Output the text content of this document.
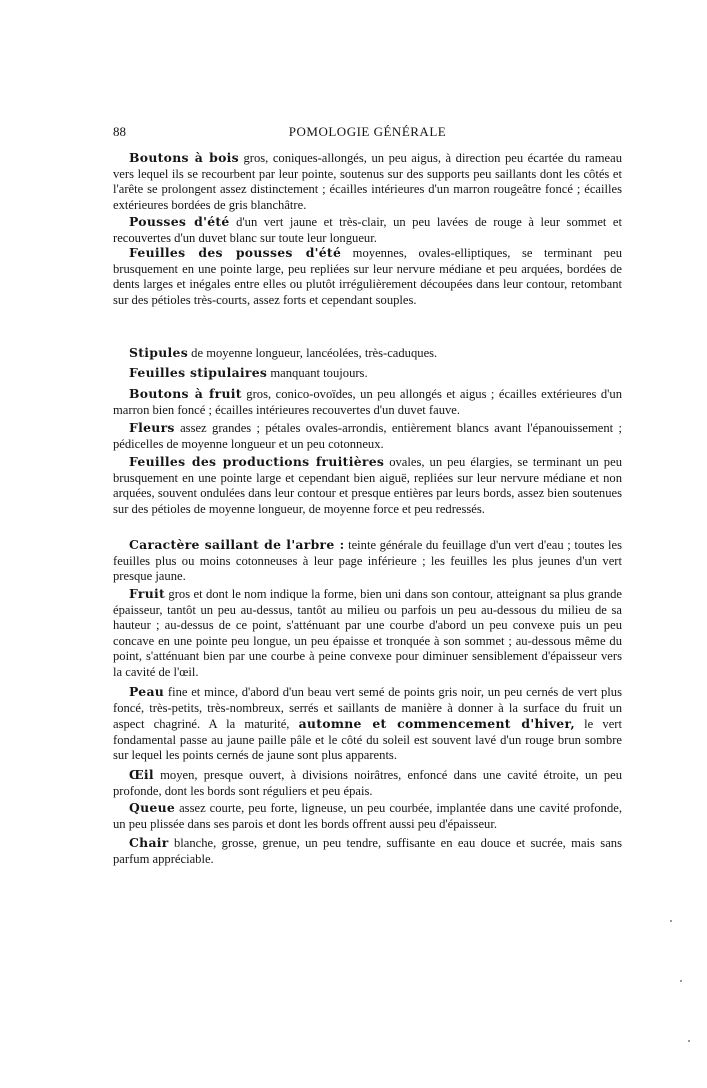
88	POMOLOGIE GÉNÉRALE
Boutons à bois gros, coniques-allongés, un peu aigus, à direction peu écartée du rameau vers lequel ils se recourbent par leur pointe, soutenus sur des supports peu saillants dont les côtés et l'arête se prolongent assez distinctement ; écailles intérieures d'un marron rougeâtre foncé ; écailles extérieures bordées de gris blanchâtre.
Pousses d'été d'un vert jaune et très-clair, un peu lavées de rouge à leur sommet et recouvertes d'un duvet blanc sur toute leur longueur.
Feuilles des pousses d'été moyennes, ovales-elliptiques, se terminant peu brusquement en une pointe large, peu repliées sur leur nervure médiane et peu arquées, bordées de dents larges et inégales entre elles ou plutôt irrégulièrement découpées dans leur contour, retombant sur des pétioles très-courts, assez forts et cependant souples.
Stipules de moyenne longueur, lancéolées, très-caduques.
Feuilles stipulaires manquant toujours.
Boutons à fruit gros, conico-ovoïdes, un peu allongés et aigus ; écailles extérieures d'un marron bien foncé ; écailles intérieures recouvertes d'un duvet fauve.
Fleurs assez grandes ; pétales ovales-arrondis, entièrement blancs avant l'épanouissement ; pédicelles de moyenne longueur et un peu cotonneux.
Feuilles des productions fruitières ovales, un peu élargies, se terminant un peu brusquement en une pointe large et cependant bien aiguë, repliées sur leur nervure médiane et non arquées, souvent ondulées dans leur contour et presque entières par leurs bords, assez bien soutenues sur des pétioles de moyenne longueur, de moyenne force et peu redressés.
Caractère saillant de l'arbre : teinte générale du feuillage d'un vert d'eau ; toutes les feuilles plus ou moins cotonneuses à leur page inférieure ; les feuilles les plus jeunes d'un vert presque jaune.
Fruit gros et dont le nom indique la forme, bien uni dans son contour, atteignant sa plus grande épaisseur, tantôt un peu au-dessus, tantôt au milieu ou parfois un peu au-dessous du milieu de sa hauteur ; au-dessus de ce point, s'atténuant par une courbe d'abord un peu convexe puis un peu concave en une pointe peu longue, un peu épaisse et tronquée à son sommet ; au-dessous même du point, s'atténuant bien par une courbe à peine convexe pour diminuer sensiblement d'épaisseur vers la cavité de l'œil.
Peau fine et mince, d'abord d'un beau vert semé de points gris noir, un peu cernés de vert plus foncé, très-petits, très-nombreux, serrés et saillants de manière à donner à la surface du fruit un aspect chagriné. A la maturité, automne et commencement d'hiver, le vert fondamental passe au jaune paille pâle et le côté du soleil est souvent lavé d'un rouge brun sombre sur lequel les points cernés de jaune sont plus apparents.
Œil moyen, presque ouvert, à divisions noirâtres, enfoncé dans une cavité étroite, un peu profonde, dont les bords sont réguliers et peu épais.
Queue assez courte, peu forte, ligneuse, un peu courbée, implantée dans une cavité profonde, un peu plissée dans ses parois et dont les bords offrent aussi peu d'épaisseur.
Chair blanche, grosse, grenue, un peu tendre, suffisante en eau douce et sucrée, mais sans parfum appréciable.
